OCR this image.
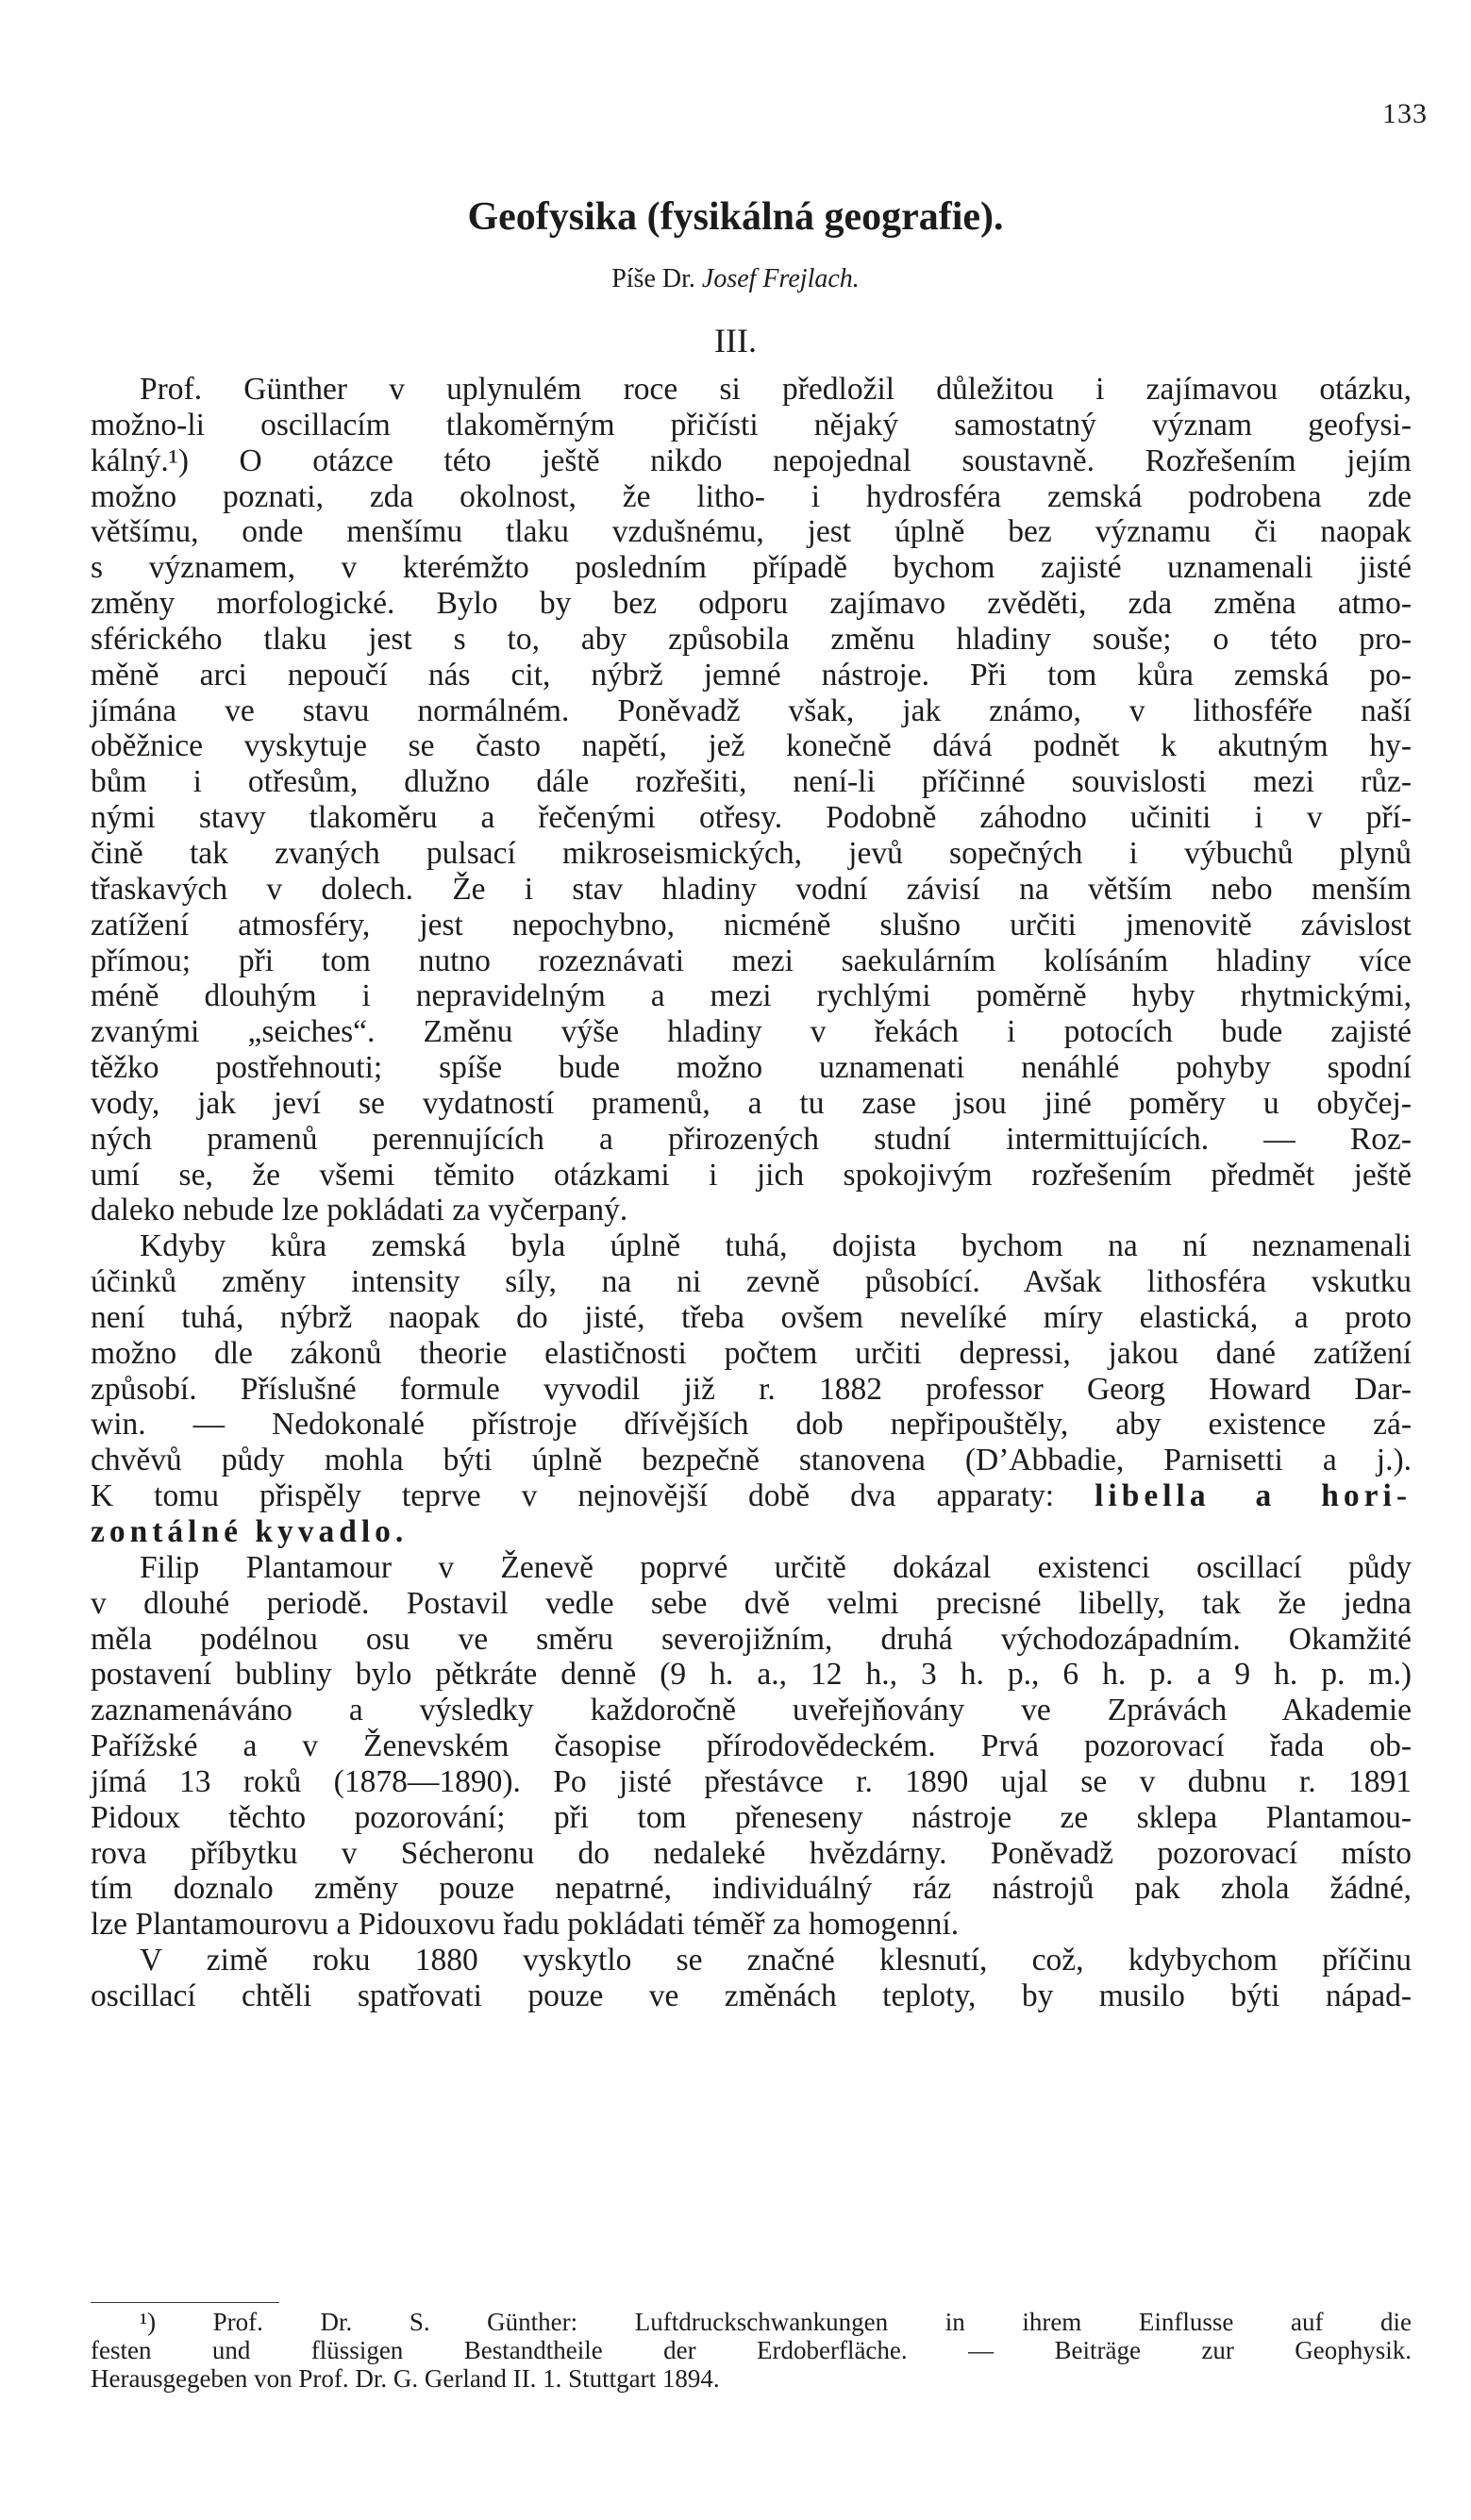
133
Geofysika (fysikálná geografie).
Píše Dr. Josef Frejlach.
III.
Prof. Günther v uplynulém roce si předložil důležitou i zajímavou otázku,
možno-li oscillacím tlakoměrným přičísti nějaký samostatný význam geofysi-
kálný.¹) O otázce této ještě nikdo nepojednal soustavně. Rozřešením jejím
možno poznati, zda okolnost, že litho- i hydrosféra zemská podrobena zde
většímu, onde menšímu tlaku vzdušnému, jest úplně bez významu či naopak
s významem, v kterémžto posledním případě bychom zajisté uznamenali jisté
změny morfologické. Bylo by bez odporu zajímavo zvěděti, zda změna atmo-
sférického tlaku jest s to, aby způsobila změnu hladiny souše; o této pro-
měně arci nepoučí nás cit, nýbrž jemné nástroje. Při tom kůra zemská po-
jímána ve stavu normálném. Poněvadž však, jak známo, v lithosféře naší
oběžnice vyskytuje se často napětí, jež konečně dává podnět k akutným hy-
bům i otřesům, dlužno dále rozřešiti, není-li příčinné souvislosti mezi růz-
nými stavy tlakoměru a řečenými otřesy. Podobně záhodno učiniti i v pří-
čině tak zvaných pulsací mikroseismických, jevů sopečných i výbuchů plynů
třaskavých v dolech. Že i stav hladiny vodní závisí na větším nebo menším
zatížení atmosféry, jest nepochybno, nicméně slušno určiti jmenovitě závislost
přímou; při tom nutno rozeznávati mezi saekulárním kolísáním hladiny více
méně dlouhým i nepravidelným a mezi rychlými poměrně hyby rhytmickými,
zvanými „seiches“. Změnu výše hladiny v řekách i potocích bude zajisté
těžko postřehnouti; spíše bude možno uznamenati nenáhlé pohyby spodní
vody, jak jeví se vydatností pramenů, a tu zase jsou jiné poměry u obyčej-
ných pramenů perennujících a přirozených studní intermittujících. — Roz-
umí se, že všemi těmito otázkami i jich spokojivým rozřešením předmět ještě
daleko nebude lze pokládati za vyčerpaný.
Kdyby kůra zemská byla úplně tuhá, dojista bychom na ní neznamenali
účinků změny intensity síly, na ni zevně působící. Avšak lithosféra vskutku
není tuhá, nýbrž naopak do jisté, třeba ovšem nevelíké míry elastická, a proto
možno dle zákonů theorie elastičnosti počtem určiti depressi, jakou dané zatížení
způsobí. Příslušné formule vyvodil již r. 1882 professor Georg Howard Dar-
win. — Nedokonalé přístroje dřívějších dob nepřipouštěly, aby existence zá-
chvěvů půdy mohla býti úplně bezpečně stanovena (D’Abbadie, Parnisetti a j.).
K tomu přispěly teprve v nejnovější době dva apparaty: libella a hori-
zontálné kyvadlo.
Filip Plantamour v Ženevě poprvé určitě dokázal existenci oscillací půdy
v dlouhé periodě. Postavil vedle sebe dvě velmi precisné libelly, tak že jedna
měla podélnou osu ve směru severojižním, druhá východozápadním. Okamžité
postavení bubliny bylo pětkráte denně (9 h. a., 12 h., 3 h. p., 6 h. p. a 9 h. p. m.)
zaznamenáváno a výsledky každoročně uveřejňovány ve Zprávách Akademie
Pařížské a v Ženevském časopise přírodovědeckém. Prvá pozorovací řada ob-
jímá 13 roků (1878—1890). Po jisté přestávce r. 1890 ujal se v dubnu r. 1891
Pidoux těchto pozorování; při tom přeneseny nástroje ze sklepa Plantamou-
rova příbytku v Sécheronu do nedaleké hvězdárny. Poněvadž pozorovací místo
tím doznalo změny pouze nepatrné, individuálný ráz nástrojů pak zhola žádné,
lze Plantamourovu a Pidouxovu řadu pokládati téměř za homogenní.
V zimě roku 1880 vyskytlo se značné klesnutí, což, kdybychom příčinu
oscillací chtěli spatřovati pouze ve změnách teploty, by musilo býti nápad-
¹) Prof. Dr. S. Günther: Luftdruckschwankungen in ihrem Einflusse auf die
festen und flüssigen Bestandtheile der Erdoberfläche. — Beiträge zur Geophysik.
Herausgegeben von Prof. Dr. G. Gerland II. 1. Stuttgart 1894.
